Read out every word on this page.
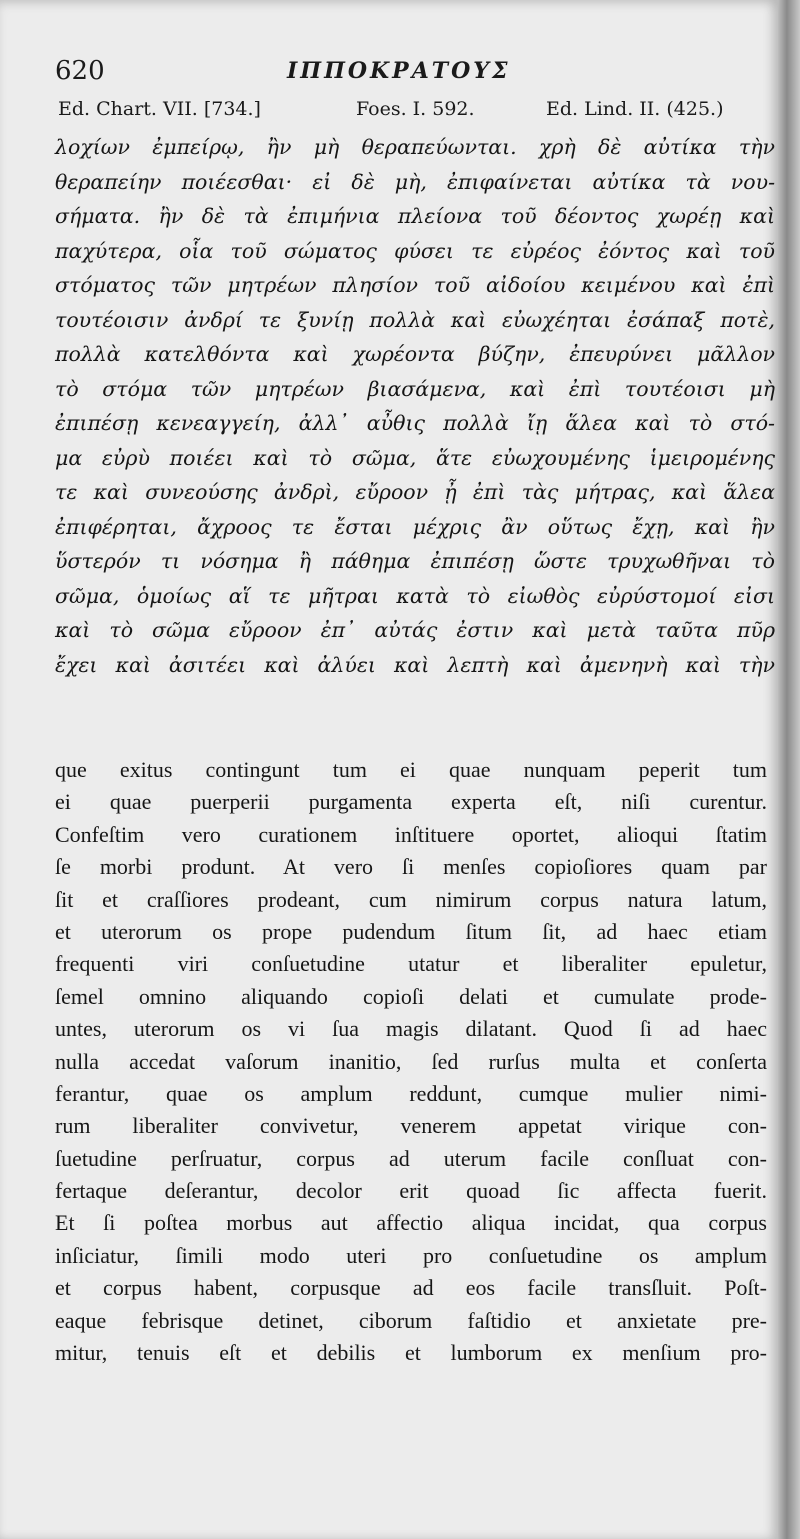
620	ΙΠΠΟΚΡΑΤΟΥΣ
Ed. Chart. VII. [734.]	Foes. I. 592.	Ed. Lind. II. (425.)
λοχίων ἐμπείρῳ, ἢν μὴ θεραπεύωνται. χρὴ δὲ αὐτίκα τὴν
θεραπείην ποιέεσθαι· εἰ δὲ μὴ, ἐπιφαίνεται αὐτίκα τὰ νου-
σήματα. ἢν δὲ τὰ ἐπιμήνια πλείονα τοῦ δέοντος χωρέῃ καὶ
παχύτερα, οἷα τοῦ σώματος φύσει τε εὐρέος ἐόντος καὶ τοῦ
στόματος τῶν μητρέων πλησίον τοῦ αἰδοίου κειμένου καὶ ἐπὶ
τουτέοισιν ἀνδρί τε ξυνίῃ πολλὰ καὶ εὐωχέηται ἐσάπαξ ποτὲ,
πολλὰ κατελθόντα καὶ χωρέοντα βύζην, ἐπευρύνει μᾶλλον
τὸ στόμα τῶν μητρέων βιασάμενα, καὶ ἐπὶ τουτέοισι μὴ
ἐπιπέσῃ κενεαγγείη, ἀλλ᾽ αὖθις πολλὰ ἴῃ ἅλεα καὶ τὸ στό-
μα εὐρὺ ποιέει καὶ τὸ σῶμα, ἅτε εὐωχουμένης ἱμειρομένης
τε καὶ συνεούσης ἀνδρὶ, εὔροον ᾖ ἐπὶ τὰς μήτρας, καὶ ἅλεα
ἐπιφέρηται, ἄχροος τε ἔσται μέχρις ἂν οὕτως ἔχῃ, καὶ ἢν
ὕστερόν τι νόσημα ἢ πάθημα ἐπιπέσῃ ὥστε τρυχωθῆναι τὸ
σῶμα, ὁμοίως αἵ τε μῆτραι κατὰ τὸ εἰωθὸς εὐρύστομοί εἰσι
καὶ τὸ σῶμα εὔροον ἐπ᾽ αὐτάς ἐστιν καὶ μετὰ ταῦτα πῦρ
ἔχει καὶ ἀσιτέει καὶ ἀλύει καὶ λεπτὴ καὶ ἀμενηνὴ καὶ τὴν
que exitus contingunt tum ei quae nunquam peperit tum
ei quae puerperii purgamenta experta eſt, niſi curentur.
Confeſtim vero curationem inſtituere oportet, alioqui ſtatim
ſe morbi produnt. At vero ſi menſes copioſiores quam par
ſit et craſſiores prodeant, cum nimirum corpus natura latum,
et uterorum os prope pudendum ſitum ſit, ad haec etiam
frequenti viri conſuetudine utatur et liberaliter epuletur,
ſemel omnino aliquando copioſi delati et cumulate prode-
untes, uterorum os vi ſua magis dilatant. Quod ſi ad haec
nulla accedat vaſorum inanitio, ſed rurſus multa et conſerta
ferantur, quae os amplum reddunt, cumque mulier nimi-
rum liberaliter convivetur, venerem appetat virique con-
ſuetudine perſruatur, corpus ad uterum facile conſluat con-
fertaque deſerantur, decolor erit quoad ſic affecta fuerit.
Et ſi poſtea morbus aut affectio aliqua incidat, qua corpus
inſiciatur, ſimili modo uteri pro conſuetudine os amplum
et corpus habent, corpusque ad eos facile transſluit. Poſt-
eaque febrisque detinet, ciborum faſtidio et anxietate pre-
mitur, tenuis eſt et debilis et lumborum ex menſium pro-
